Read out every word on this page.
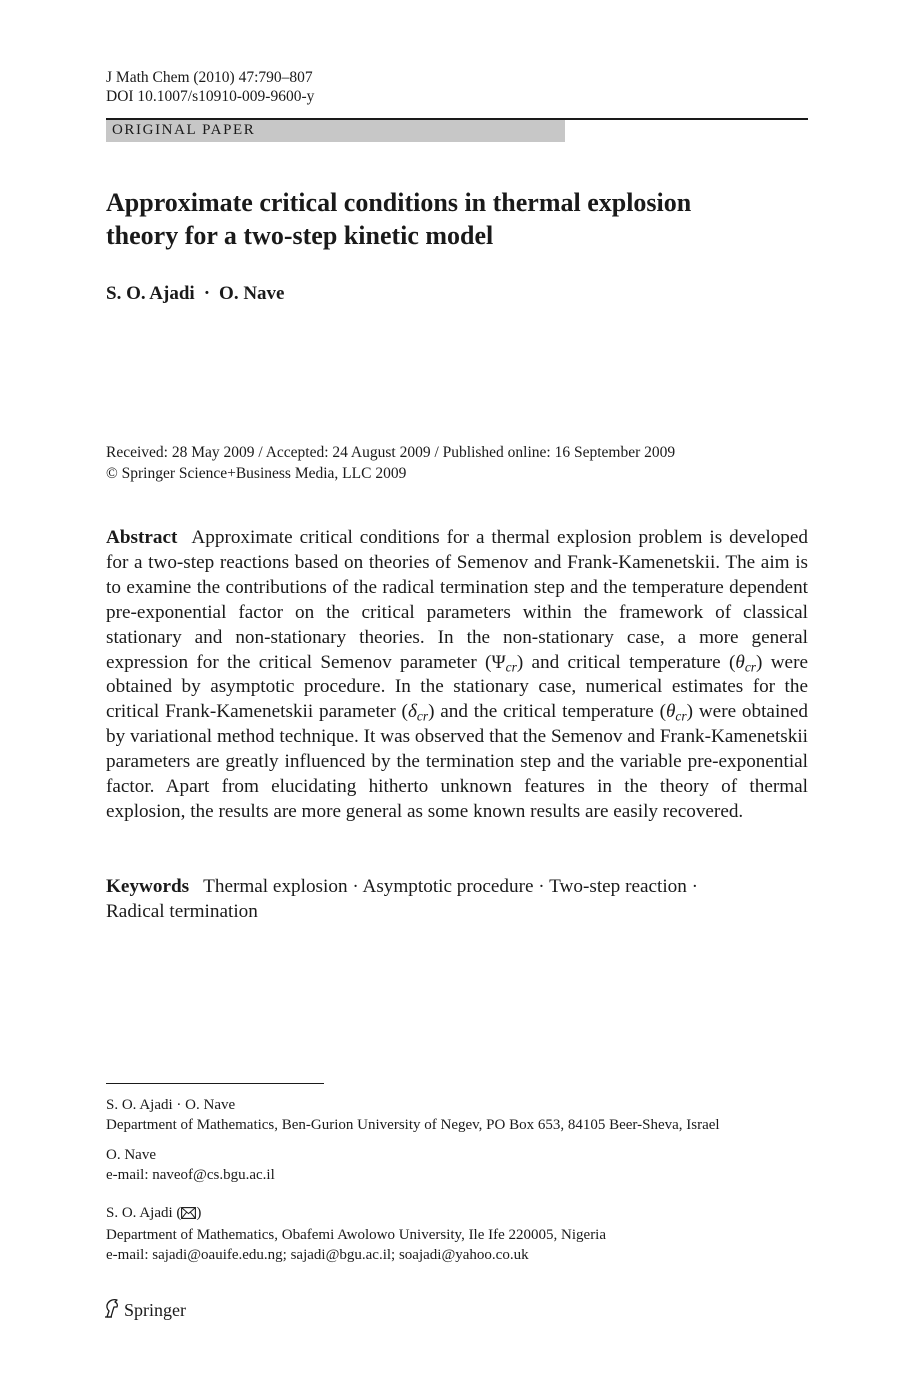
J Math Chem (2010) 47:790–807
DOI 10.1007/s10910-009-9600-y
ORIGINAL PAPER
Approximate critical conditions in thermal explosion
theory for a two-step kinetic model
S. O. Ajadi · O. Nave
Received: 28 May 2009 / Accepted: 24 August 2009 / Published online: 16 September 2009
© Springer Science+Business Media, LLC 2009
Abstract Approximate critical conditions for a thermal explosion problem is developed for a two-step reactions based on theories of Semenov and Frank-Kamenetskii. The aim is to examine the contributions of the radical termination step and the temperature dependent pre-exponential factor on the critical parameters within the framework of classical stationary and non-stationary theories. In the non-stationary case, a more general expression for the critical Semenov parameter $(\Psi_{cr})$ and critical temperature $(\theta_{cr})$ were obtained by asymptotic procedure. In the stationary case, numerical estimates for the critical Frank-Kamenetskii parameter $(\delta_{cr})$ and the critical temperature $(\theta_{cr})$ were obtained by variational method technique. It was observed that the Semenov and Frank-Kamenetskii parameters are greatly influenced by the termination step and the variable pre-exponential factor. Apart from elucidating hitherto unknown features in the theory of thermal explosion, the results are more general as some known results are easily recovered.
Keywords Thermal explosion · Asymptotic procedure · Two-step reaction ·
Radical termination
S. O. Ajadi · O. Nave
Department of Mathematics, Ben-Gurion University of Negev, PO Box 653, 84105 Beer-Sheva, Israel
O. Nave
e-mail: naveof@cs.bgu.ac.il
S. O. Ajadi ( )
Department of Mathematics, Obafemi Awolowo University, Ile Ife 220005, Nigeria
e-mail: sajadi@oauife.edu.ng; sajadi@bgu.ac.il; soajadi@yahoo.co.uk
Springer
